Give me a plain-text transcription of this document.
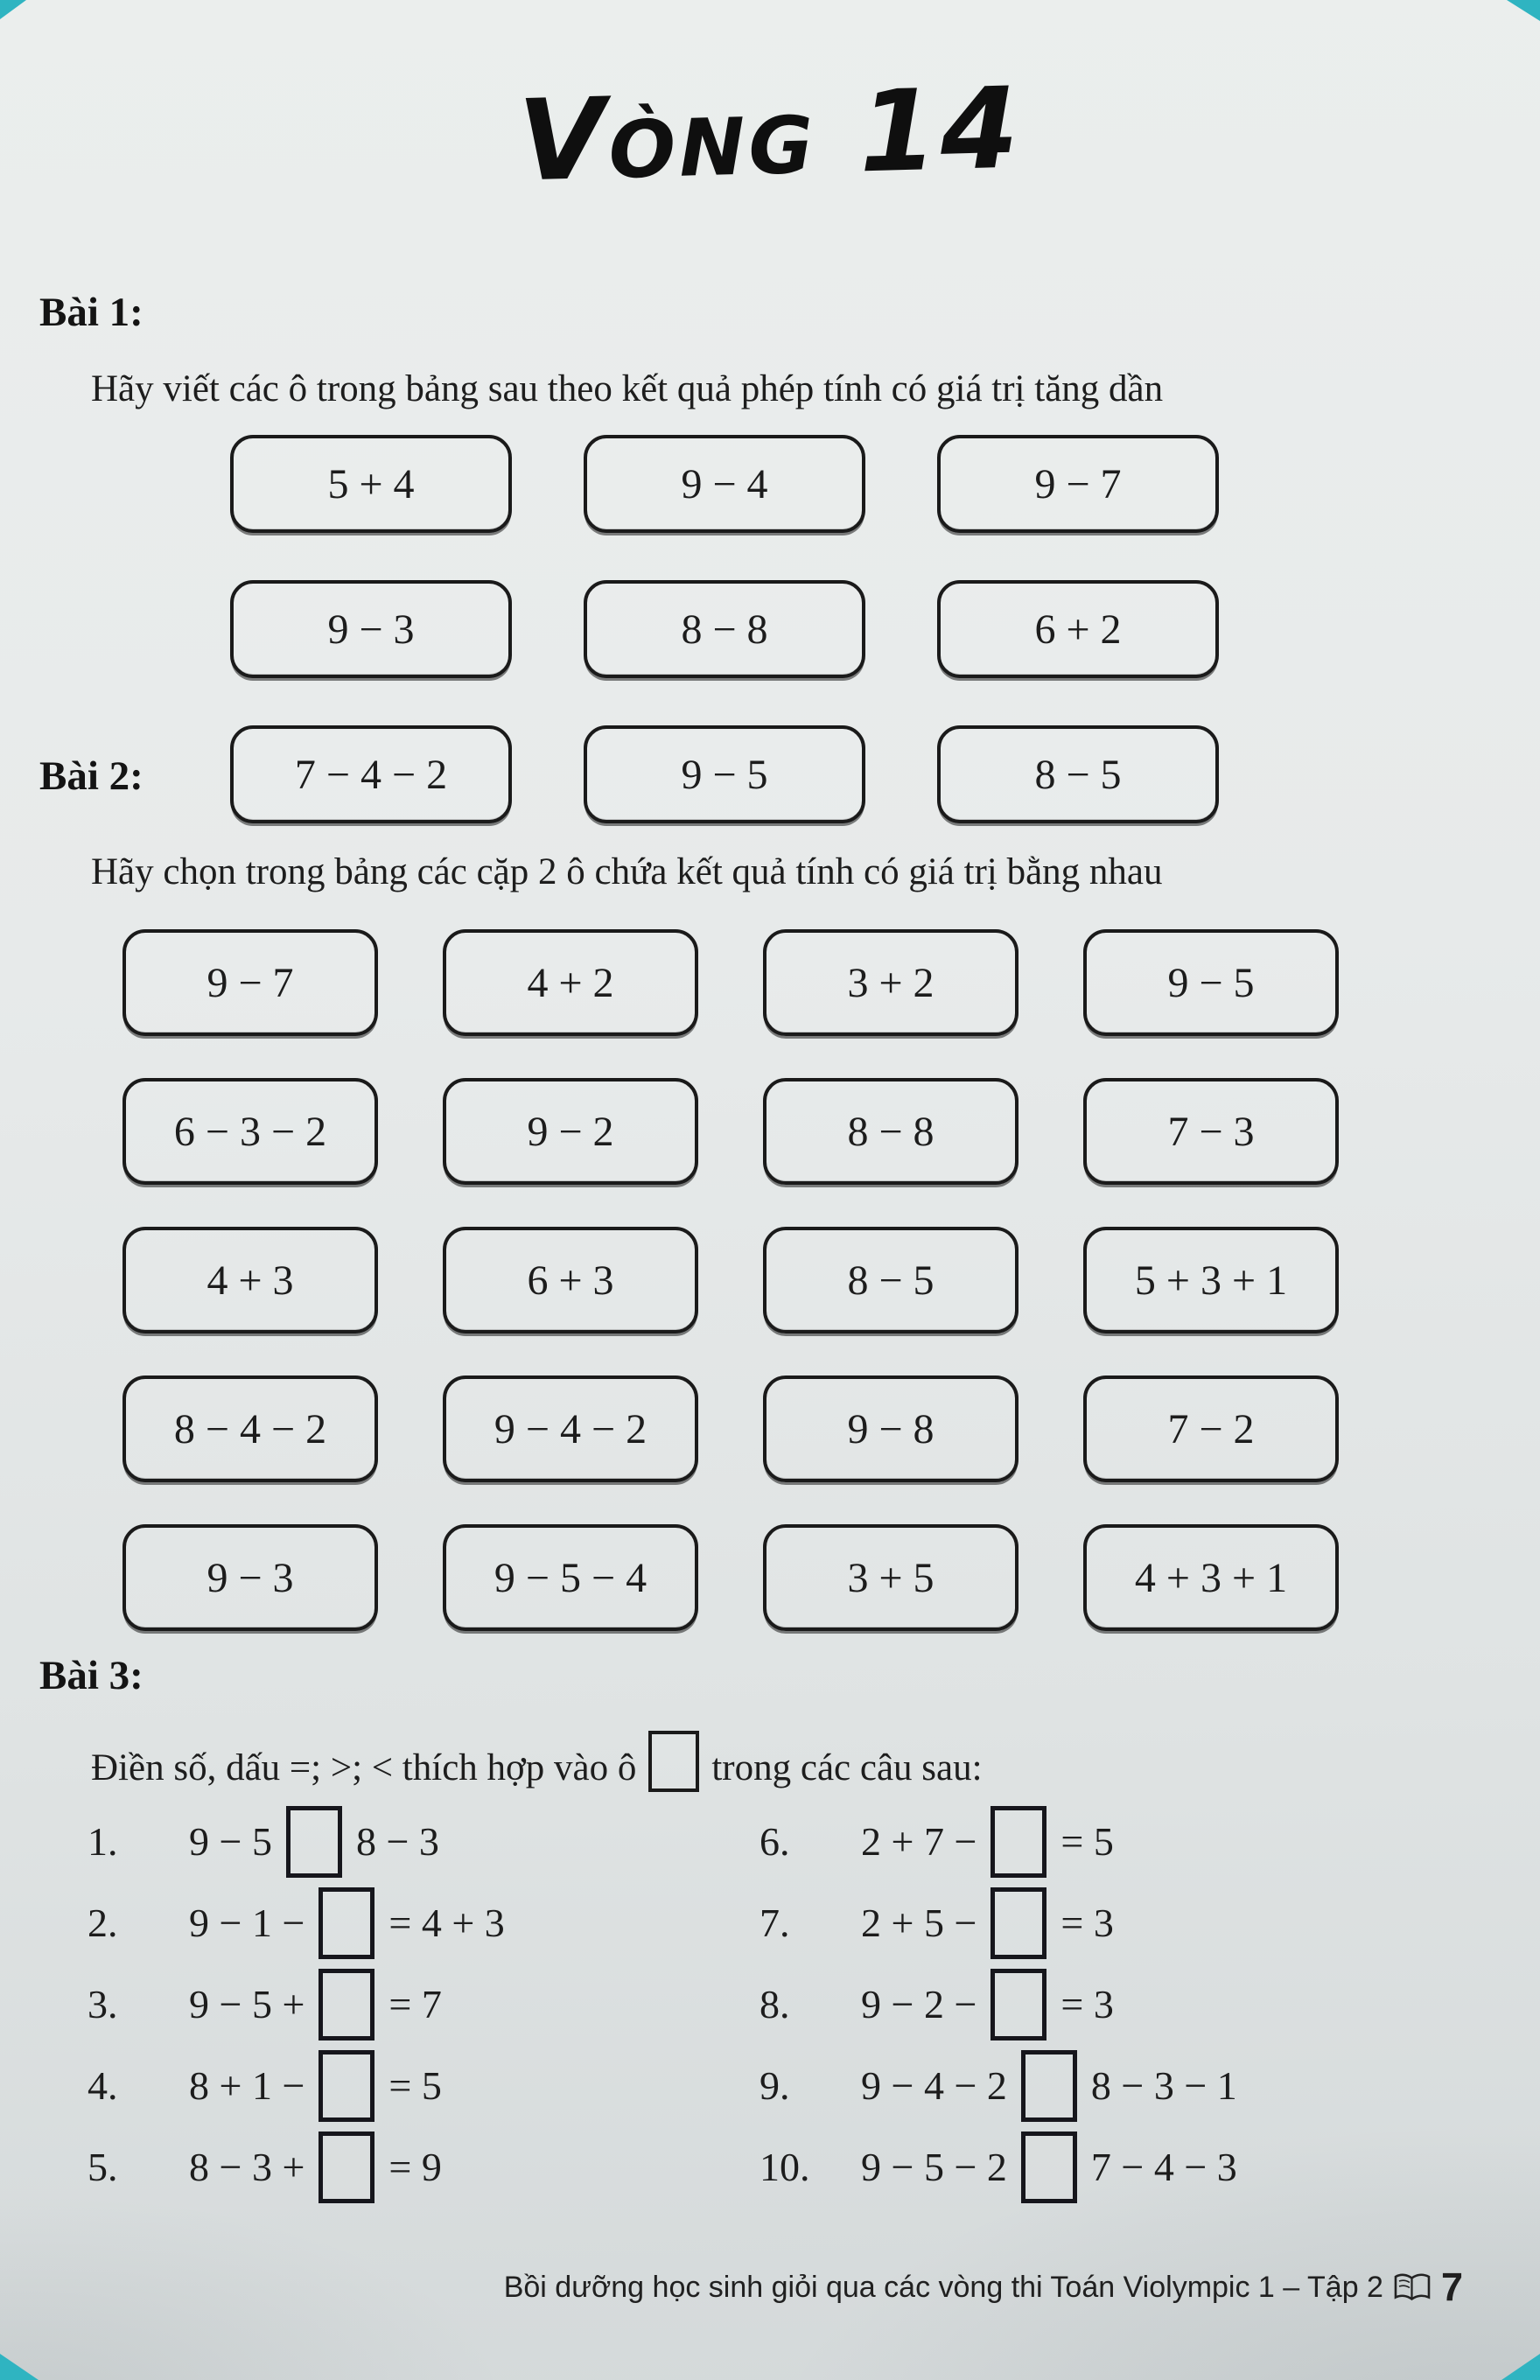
Vòng 14
Bài 1:

Hãy viết các ô trong bảng sau theo kết quả phép tính có giá trị tăng dần

5 + 4	9 − 4	9 − 7
9 − 3	8 − 8	6 + 2
7 − 4 − 2	9 − 5	8 − 5
Bài 2:

Hãy chọn trong bảng các cặp 2 ô chứa kết quả tính có giá trị bằng nhau

9 − 7	4 + 2	3 + 2	9 − 5
6 − 3 − 2	9 − 2	8 − 8	7 − 3
4 + 3	6 + 3	8 − 5	5 + 3 + 1
8 − 4 − 2	9 − 4 − 2	9 − 8	7 − 2
9 − 3	9 − 5 − 4	3 + 5	4 + 3 + 1
Bài 3:

Điền số, dấu =; >; < thích hợp vào ô trong các câu sau:

1.	9 − 5 8 − 3
2.	9 − 1 − = 4 + 3
3.	9 − 5 + = 7
4.	8 + 1 − = 5
5.	8 − 3 + = 9
6.	2 + 7 − = 5
7.	2 + 5 − = 3
8.	9 − 2 − = 3
9.	9 − 4 − 2 8 − 3 − 1
10.	9 − 5 − 2 7 − 4 − 3
Bồi dưỡng học sinh giỏi qua các vòng thi Toán Violympic 1 – Tập 2 7
